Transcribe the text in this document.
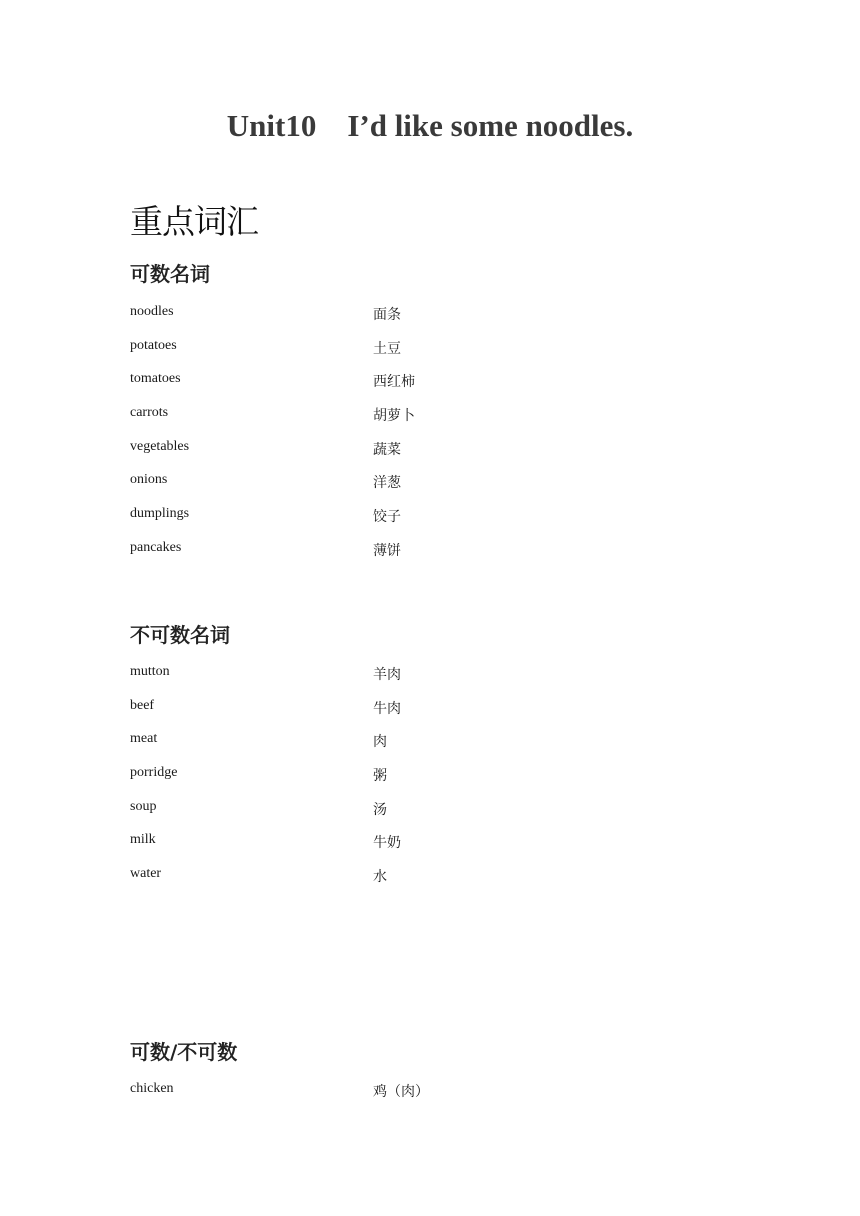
Unit10    I’d like some noodles.
重点词汇
可数名词
noodles	面条
potatoes	土豆
tomatoes	西红柿
carrots	胡萝卜
vegetables	蔬菜
onions	洋葱
dumplings	饺子
pancakes	薄饼
不可数名词
mutton	羊肉
beef	牛肉
meat	肉
porridge	粥
soup	汤
milk	牛奶
water	水
可数/不可数
chicken	鸡（肉）
